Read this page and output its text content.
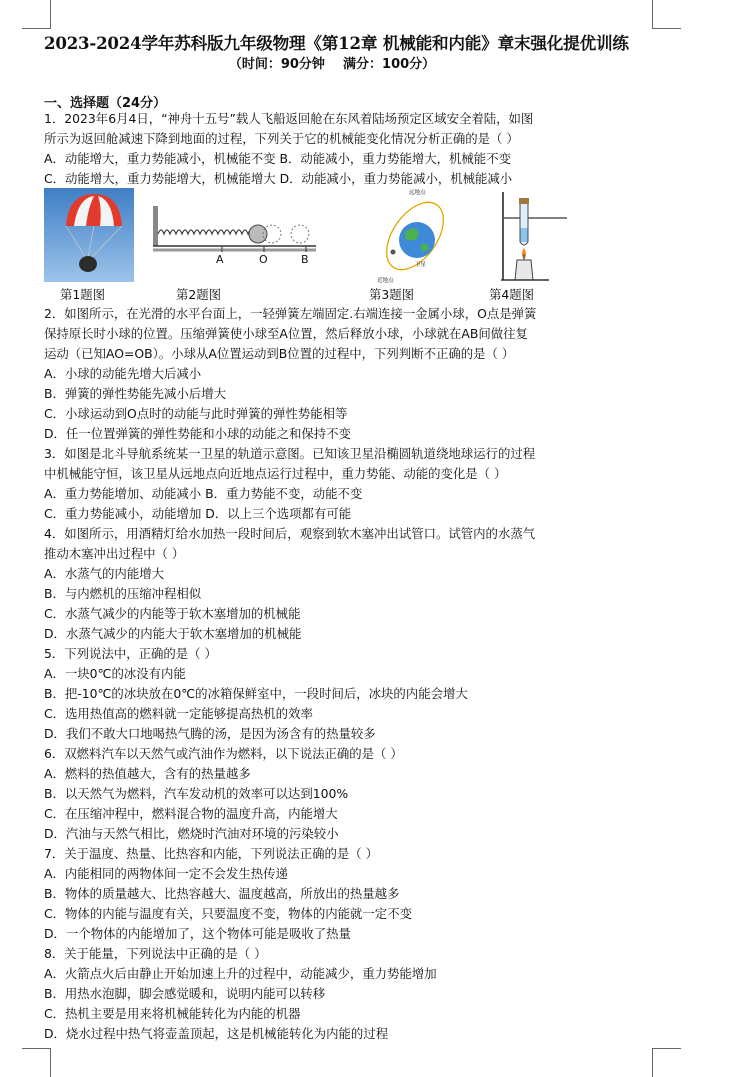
2023-2024学年苏科版九年级物理《第12章 机械能和内能》章末强化提优训练
（时间：90分钟    满分：100分）
一、选择题（24分）
1．2023年6月4日，“神舟十五号”载人飞船返回舱在东风着陆场预定区域安全着陆，如图
所示为返回舱减速下降到地面的过程，下列关于它的机械能变化情况分析正确的是（ ）
A．动能增大，重力势能减小，机械能不变 B．动能减小，重力势能增大，机械能不变
C．动能增大，重力势能增大，机械能增大 D．动能减小，重力势能减小，机械能减小
A	O	B
远地点
卫星
近地点
第1题图	第2题图	第3题图	第4题图
2．如图所示，在光滑的水平台面上，一轻弹簧左端固定.右端连接一金属小球，O点是弹簧
保持原长时小球的位置。压缩弹簧使小球至A位置，然后释放小球，小球就在AB间做往复
运动（已知AO=OB）。小球从A位置运动到B位置的过程中，下列判断不正确的是（ ）
A．小球的动能先增大后减小
B．弹簧的弹性势能先减小后增大
C．小球运动到O点时的动能与此时弹簧的弹性势能相等
D．任一位置弹簧的弹性势能和小球的动能之和保持不变
3．如图是北斗导航系统某一卫星的轨道示意图。已知该卫星沿椭圆轨道绕地球运行的过程
中机械能守恒，该卫星从远地点向近地点运行过程中，重力势能、动能的变化是（ ）
A．重力势能增加、动能减小 B．重力势能不变，动能不变
C．重力势能减小，动能增加 D．以上三个选项都有可能
4．如图所示，用酒精灯给水加热一段时间后，观察到软木塞冲出试管口。试管内的水蒸气
推动木塞冲出过程中（ ）
A．水蒸气的内能增大
B．与内燃机的压缩冲程相似
C．水蒸气减少的内能等于软木塞增加的机械能
D．水蒸气减少的内能大于软木塞增加的机械能
5．下列说法中，正确的是（ ）
A．一块0℃的冰没有内能
B．把-10℃的冰块放在0℃的冰箱保鲜室中，一段时间后，冰块的内能会增大
C．选用热值高的燃料就一定能够提高热机的效率
D．我们不敢大口地喝热气腾的汤，是因为汤含有的热量较多
6．双燃料汽车以天然气或汽油作为燃料，以下说法正确的是（ ）
A．燃料的热值越大，含有的热量越多
B．以天然气为燃料，汽车发动机的效率可以达到100%
C．在压缩冲程中，燃料混合物的温度升高，内能增大
D．汽油与天然气相比，燃烧时汽油对环境的污染较小
7．关于温度、热量、比热容和内能，下列说法正确的是（ ）
A．内能相同的两物体间一定不会发生热传递
B．物体的质量越大、比热容越大、温度越高，所放出的热量越多
C．物体的内能与温度有关，只要温度不变，物体的内能就一定不变
D．一个物体的内能增加了，这个物体可能是吸收了热量
8．关于能量，下列说法中正确的是（ ）
A．火箭点火后由静止开始加速上升的过程中，动能减少，重力势能增加
B．用热水泡脚，脚会感觉暖和，说明内能可以转移
C．热机主要是用来将机械能转化为内能的机器
D．烧水过程中热气将壶盖顶起，这是机械能转化为内能的过程
